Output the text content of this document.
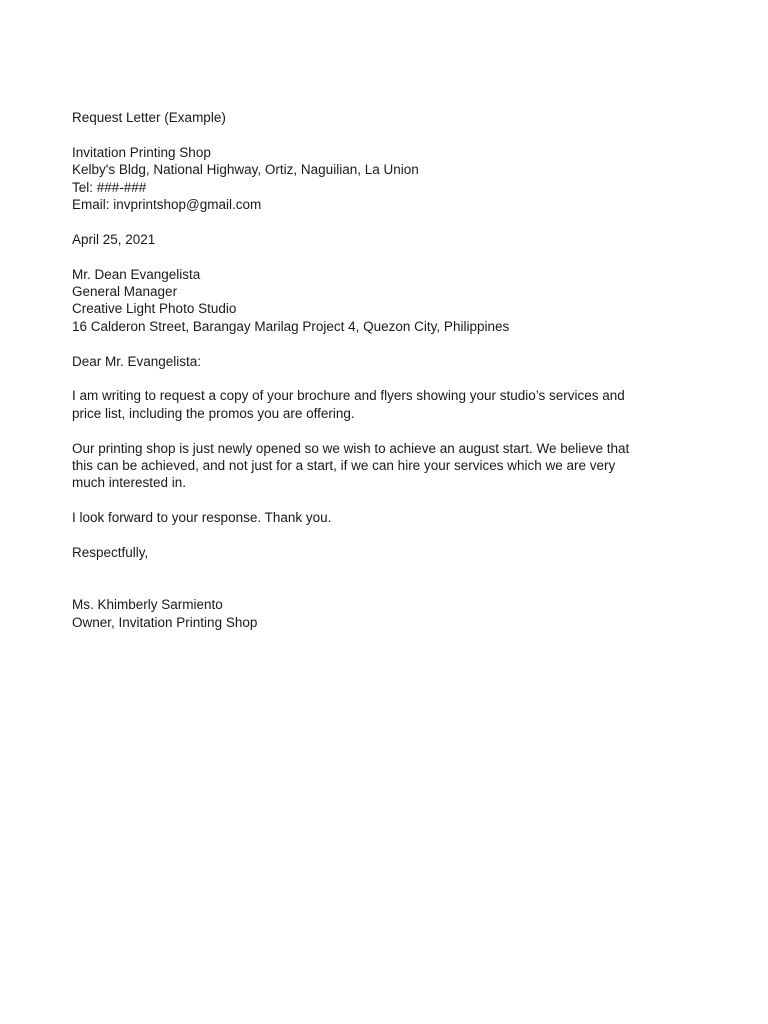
Request Letter (Example)
Invitation Printing Shop
Kelby's Bldg, National Highway, Ortiz, Naguilian, La Union
Tel: ###-###
Email: invprintshop@gmail.com
April 25, 2021
Mr. Dean Evangelista
General Manager
Creative Light Photo Studio
16 Calderon Street, Barangay Marilag Project 4, Quezon City, Philippines
Dear Mr. Evangelista:
I am writing to request a copy of your brochure and flyers showing your studio’s services and
price list, including the promos you are offering.
Our printing shop is just newly opened so we wish to achieve an august start. We believe that
this can be achieved, and not just for a start, if we can hire your services which we are very
much interested in.
I look forward to your response. Thank you.
Respectfully,
Ms. Khimberly Sarmiento
Owner, Invitation Printing Shop
